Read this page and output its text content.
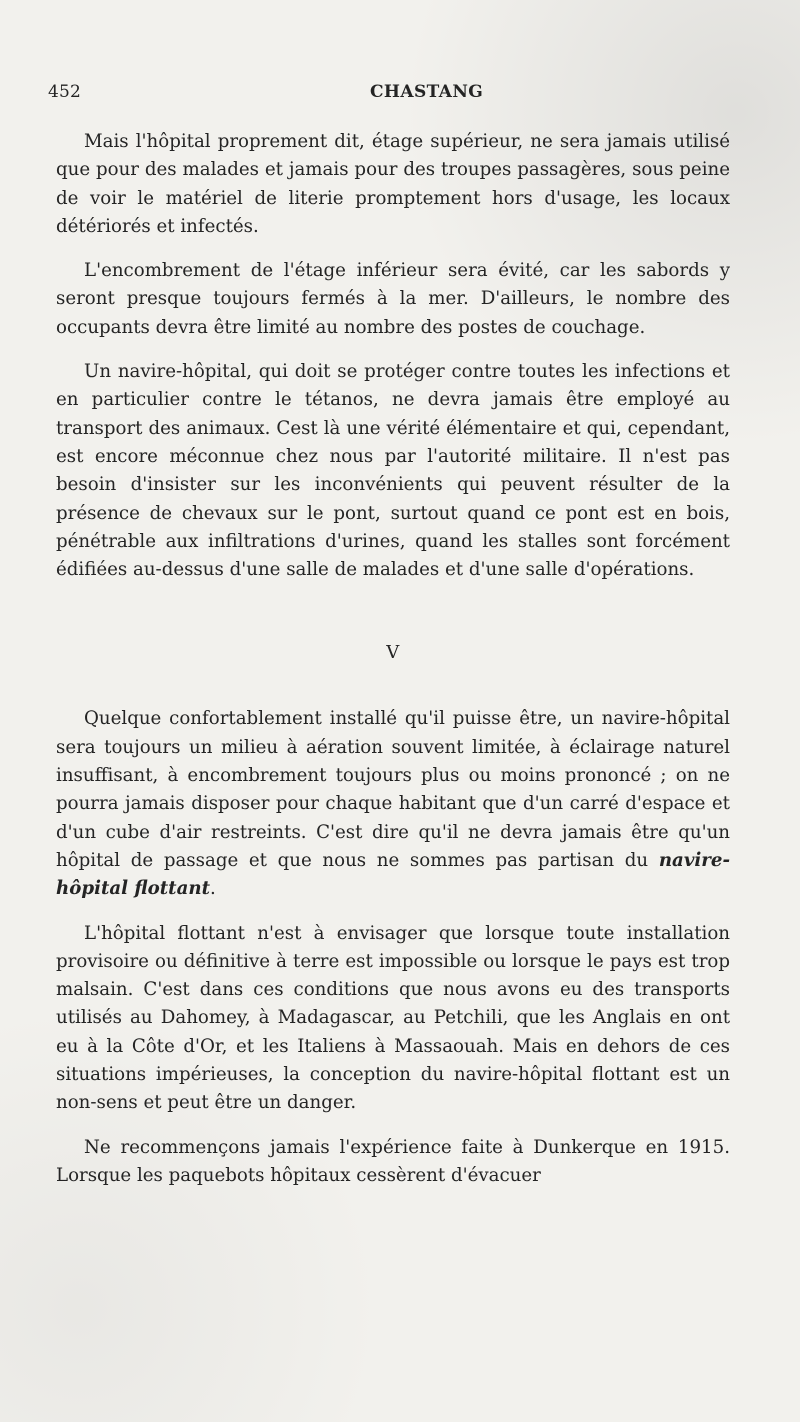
452	CHASTANG

Mais l'hôpital proprement dit, étage supérieur, ne sera jamais utilisé que pour des malades et jamais pour des troupes passagères, sous peine de voir le matériel de literie promptement hors d'usage, les locaux détériorés et infectés.

L'encombrement de l'étage inférieur sera évité, car les sabords y seront presque toujours fermés à la mer. D'ailleurs, le nombre des occupants devra être limité au nombre des postes de couchage.

Un navire-hôpital, qui doit se protéger contre toutes les infections et en particulier contre le tétanos, ne devra jamais être employé au transport des animaux. Cest là une vérité élémentaire et qui, cependant, est encore méconnue chez nous par l'autorité militaire. Il n'est pas besoin d'insister sur les inconvénients qui peuvent résulter de la présence de chevaux sur le pont, surtout quand ce pont est en bois, pénétrable aux infiltrations d'urines, quand les stalles sont forcément édifiées au-dessus d'une salle de malades et d'une salle d'opérations.

V

Quelque confortablement installé qu'il puisse être, un navire-hôpital sera toujours un milieu à aération souvent limitée, à éclairage naturel insuffisant, à encombrement toujours plus ou moins prononcé ; on ne pourra jamais disposer pour chaque habitant que d'un carré d'espace et d'un cube d'air restreints. C'est dire qu'il ne devra jamais être qu'un hôpital de passage et que nous ne sommes pas partisan du navire-hôpital flottant.

L'hôpital flottant n'est à envisager que lorsque toute installation provisoire ou définitive à terre est impossible ou lorsque le pays est trop malsain. C'est dans ces conditions que nous avons eu des transports utilisés au Dahomey, à Madagascar, au Petchili, que les Anglais en ont eu à la Côte d'Or, et les Italiens à Massaouah. Mais en dehors de ces situations impérieuses, la conception du navire-hôpital flottant est un non-sens et peut être un danger.

Ne recommençons jamais l'expérience faite à Dunkerque en 1915. Lorsque les paquebots hôpitaux cessèrent d'évacuer
